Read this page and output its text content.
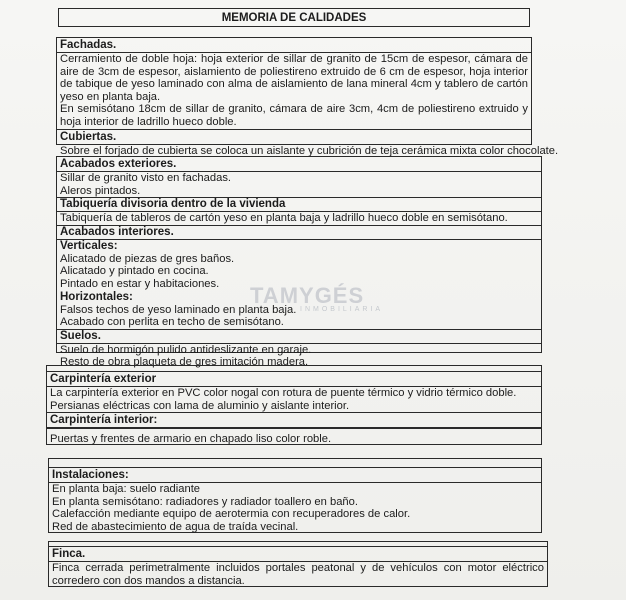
MEMORIA DE CALIDADES
Fachadas.
Cerramiento de doble hoja: hoja exterior de sillar de granito de 15cm de espesor, cámara de aire de 3cm de espesor, aislamiento de poliestireno extruido de 6 cm de espesor, hoja interior de tabique de yeso laminado con alma de aislamiento de lana mineral 4cm y tablero de cartón yeso en planta baja.
En semisótano 18cm de sillar de granito, cámara de aire 3cm, 4cm de poliestireno extruido y hoja interior de ladrillo hueco doble.
Cubiertas.
Sobre el forjado de cubierta se coloca un aislante y cubrición de teja cerámica mixta color chocolate.
Acabados exteriores.
Sillar de granito visto en fachadas.
Aleros pintados.
Tabiquería divisoria dentro de la vivienda
Tabiquería de tableros de cartón yeso en planta baja y ladrillo hueco doble en semisótano.
Acabados interiores.
Verticales:
Alicatado de piezas de gres baños.
Alicatado y pintado en cocina.
Pintado en estar y habitaciones.
Horizontales:
Falsos techos de yeso laminado en planta baja.
Acabado con perlita en techo de semisótano.
Suelos.
Suelo de hormigón pulido antideslizante en garaje.
Resto de obra plaqueta de gres imitación madera.
Carpintería exterior
La carpintería exterior en PVC color nogal con rotura de puente térmico y vidrio térmico doble.
Persianas eléctricas con lama de aluminio y aislante interior.
Carpintería interior:
Puertas y frentes de armario en chapado liso color roble.
Instalaciones:
En planta baja: suelo radiante
En planta semisótano: radiadores y radiador toallero en baño.
Calefacción mediante equipo de aerotermia con recuperadores de calor.
Red de abastecimiento de agua de traída vecinal.
Finca.
Finca cerrada perimetralmente incluidos portales peatonal y de vehículos con motor eléctrico corredero con dos mandos a distancia.
TAMYGÉS
INMOBILIARIA
